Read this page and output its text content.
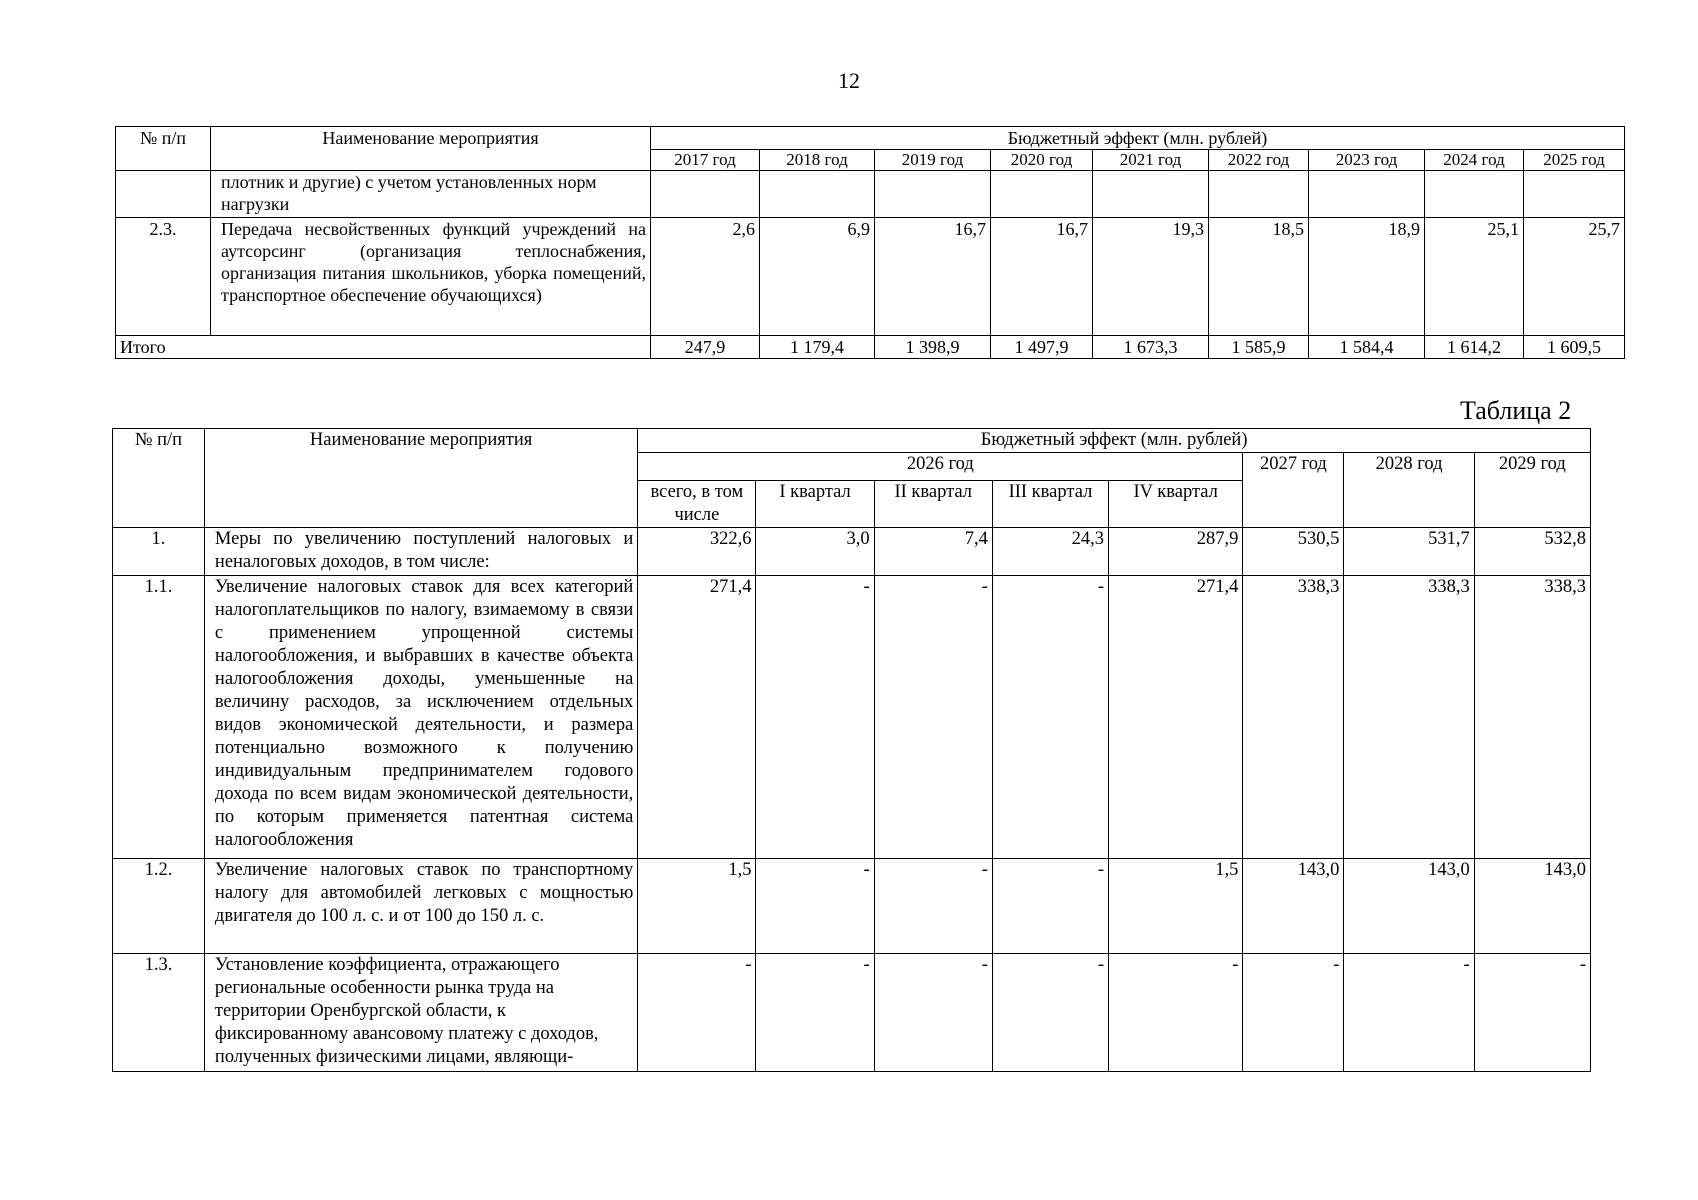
12
№ п/п	Наименование мероприятия	Бюджетный эффект (млн. рублей)								
		2017 год	2018 год	2019 год	2020 год	2021 год	2022 год	2023 год	2024 год	2025 год
	плотник и другие) с учетом установленных норм нагрузки									
2.3.	Передача несвойственных функций учреждений на аутсорсинг (организация теплоснабжения, организация питания школьников, уборка помещений, транспортное обеспечение обучающихся)	2,6	6,9	16,7	16,7	19,3	18,5	18,9	25,1	25,7
Итого		247,9	1 179,4	1 398,9	1 497,9	1 673,3	1 585,9	1 584,4	1 614,2	1 609,5
Таблица 2
№ п/п	Наименование мероприятия	Бюджетный эффект (млн. рублей)							
		2026 год					2027 год	2028 год	2029 год
		всего, в том числе	I квартал	II квартал	III квартал	IV квартал			
1.	Меры по увеличению поступлений налоговых и неналоговых доходов, в том числе:	322,6	3,0	7,4	24,3	287,9	530,5	531,7	532,8
1.1.	Увеличение налоговых ставок для всех категорий налогоплательщиков по налогу, взимаемому в связи с применением упрощенной системы налогообложения, и выбравших в качестве объекта налогообложения доходы, уменьшенные на величину расходов, за исключением отдельных видов экономической деятельности, и размера потенциально возможного к получению индивидуальным предпринимателем годового дохода по всем видам экономической деятельности, по которым применяется патентная система налогообложения	271,4	-	-	-	271,4	338,3	338,3	338,3
1.2.	Увеличение налоговых ставок по транспортному налогу для автомобилей легковых с мощностью двигателя до 100 л. с. и от 100 до 150 л. с.	1,5	-	-	-	1,5	143,0	143,0	143,0
1.3.	Установление коэффициента, отражающего региональные особенности рынка труда на территории Оренбургской области, к фиксированному авансовому платежу с доходов, полученных физическими лицами, являющи-	-	-	-	-	-	-	-	-
